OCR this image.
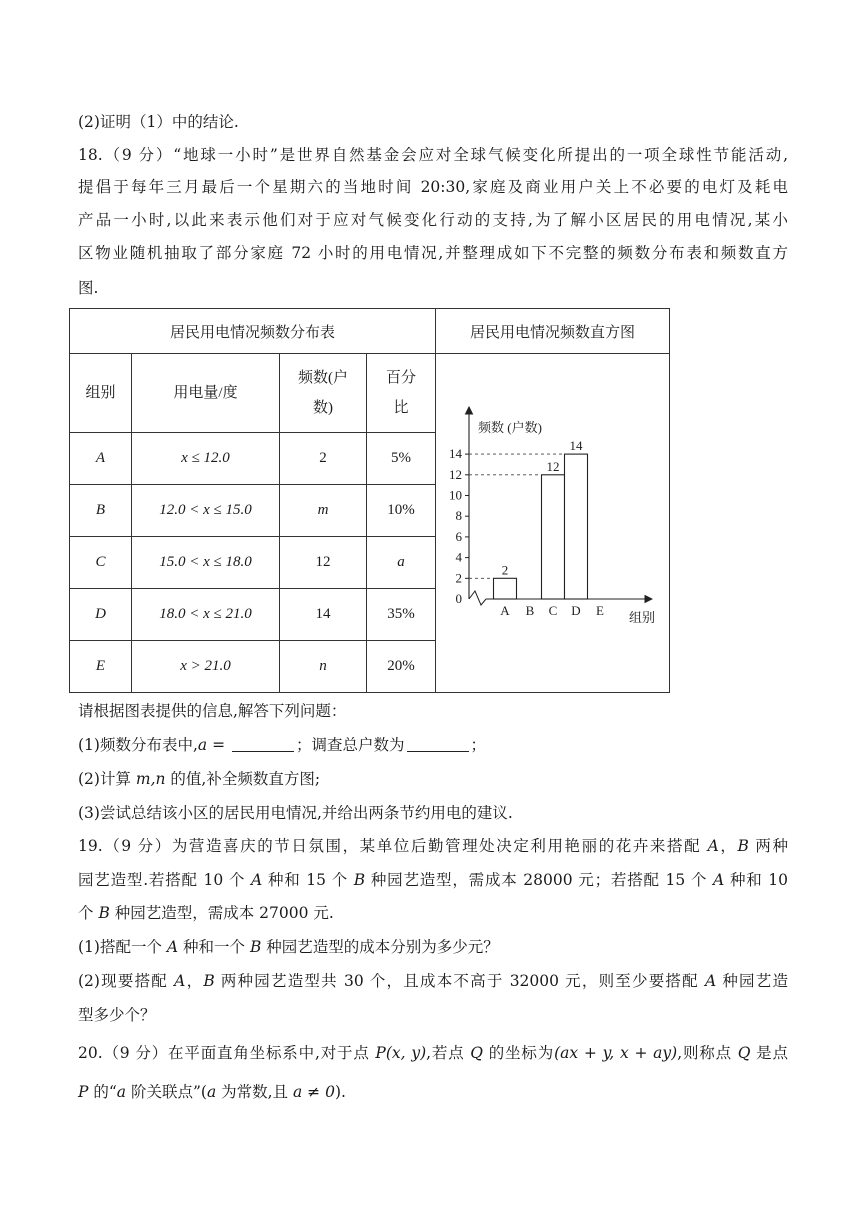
(2)证明（1）中的结论.
18.（9 分）“地球一小时”是世界自然基金会应对全球气候变化所提出的一项全球性节能活动,
提倡于每年三月最后一个星期六的当地时间 20:30,家庭及商业用户关上不必要的电灯及耗电
产品一小时,以此来表示他们对于应对气候变化行动的支持,为了解小区居民的用电情况,某小
区物业随机抽取了部分家庭 72 小时的用电情况,并整理成如下不完整的频数分布表和频数直方
图.
居民用电情况频数分布表				居民用电情况频数直方图
组别	用电量/度	频数(户
数)	百分
比	
A	x ≤ 12.0	2	5%	
B	12.0 < x ≤ 15.0	m	10%	
C	15.0 < x ≤ 18.0	12	a	
D	18.0 < x ≤ 21.0	14	35%	
E	x > 21.0	n	20%	
频数 (户数)
组别
0
2
4
6
8
10
12
14
A B C D E
2
12
14
请根据图表提供的信息,解答下列问题：
(1)频数分布表中,a =	；调查总户数为	；
(2)计算 m,n 的值,补全频数直方图;
(3)尝试总结该小区的居民用电情况,并给出两条节约用电的建议.
19.（9 分）为营造喜庆的节日氛围，某单位后勤管理处决定利用艳丽的花卉来搭配 A，B 两种
园艺造型.若搭配 10 个 A 种和 15 个 B 种园艺造型，需成本 28000 元；若搭配 15 个 A 种和 10
个 B 种园艺造型，需成本 27000 元.
(1)搭配一个 A 种和一个 B 种园艺造型的成本分别为多少元？
(2)现要搭配 A，B 两种园艺造型共 30 个，且成本不高于 32000 元，则至少要搭配 A 种园艺造
型多少个？
20.（9 分）在平面直角坐标系中,对于点 P(x, y),若点 Q 的坐标为(ax + y, x + ay),则称点 Q 是点
P 的“a 阶关联点”(a 为常数,且 a ≠ 0).
